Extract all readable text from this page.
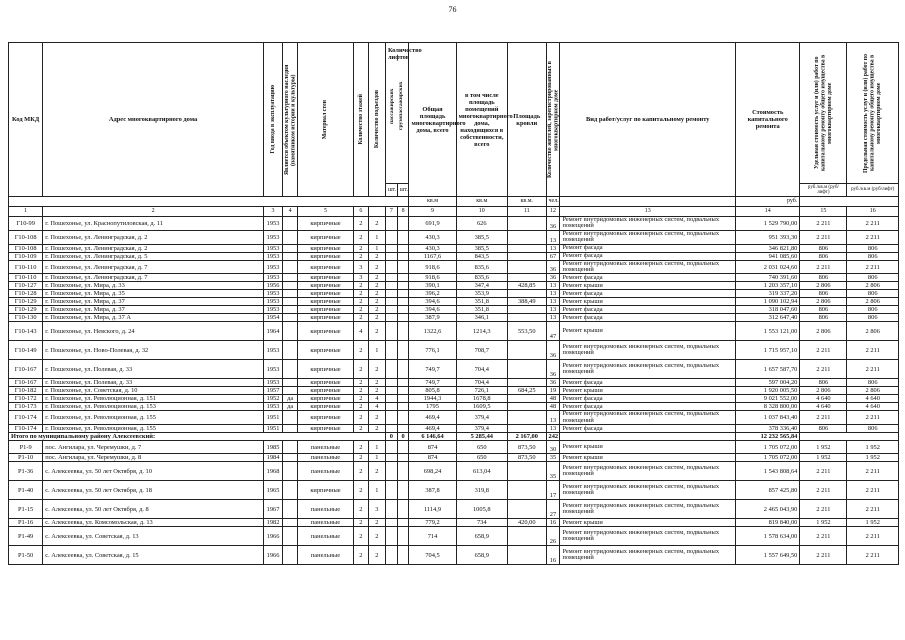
76
Код МКД	Адрес многоквартирного дома	Год ввода в эксплуатацию	Является объектом культурного наследия (памятником истории и культуры)	Материал стен	Количество этажей	Количество подъездов	Количество лифтов
пассажирских грузопассажирских		Общая площадь многоквартирного дома, всего	в том числе площадь помещений многоквартирного дома, находящихся в собственности, всего	Площадь кровли	Количество жителей, зарегистрированных в многоквартирном доме	Вид работ/услуг по капитальному ремонту	Стоимость капитального ремонта	Удельная стоимость услуг и (или) работ по капитальному ремонту общего имущества в многоквартирном доме	Предельная стоимость услуг и (или) работ по капитальному ремонту общего имущества в многоквартирном доме

							шт.	шт.							руб./кв.м (руб/лифт)	руб./кв.м (руб/лифт)
									кв.м	кв.м	кв.м.	чел.		руб.		
1	2	3	4	5	6		7	8	9	10	11	12	13	14	15	16
Г10-99	г. Пошехонье, ул. Краснопутиловская, д. 11	1953		кирпичные	2	2			691,9	626		36	Ремонт внутридомовых инженерных систем, подвальных помещений	1 529 790,00	2 211	2 211
Г10-108	г. Пошехонье, ул. Ленинградская, д. 2	1953		кирпичные	2	1			430,3	385,5		13	Ремонт внутридомовых инженерных систем, подвальных помещений	951 393,30	2 211	2 211
Г10-108	г. Пошехонье, ул. Ленинградская, д. 2	1953		кирпичные	2	1			430,3	385,5		13	Ремонт фасада	346 821,80	806	806
Г10-109	г. Пошехонье, ул. Ленинградская, д. 5	1953		кирпичные	2	2			1167,6	843,5		67	Ремонт фасада	941 085,60	806	806
Г10-110	г. Пошехонье, ул. Ленинградская, д. 7	1953		кирпичные	3	2			918,6	835,6		36	Ремонт внутридомовых инженерных систем, подвальных помещений	2 031 024,60	2 211	2 211
Г10-110	г. Пошехонье, ул. Ленинградская, д. 7	1953		кирпичные	3	2			918,6	835,6		36	Ремонт фасада	740 391,60	806	806
Г10-127	г. Пошехонье, ул. Мира, д. 33	1956		кирпичные	2	2			390,1	347,4	428,85	13	Ремонт крыши	1 203 357,10	2 806	2 806
Г10-128	г. Пошехонье, ул. Мира, д. 35	1953		кирпичные	2	2			396,2	353,9		13	Ремонт фасада	319 337,20	806	806
Г10-129	г. Пошехонье, ул. Мира, д. 37	1953		кирпичные	2	2			394,6	351,8	388,49	13	Ремонт крыши	1 090 102,94	2 806	2 806
Г10-129	г. Пошехонье, ул. Мира, д. 37	1953		кирпичные	2	2			394,6	351,8		13	Ремонт фасада	318 047,60	806	806
Г10-130	г. Пошехонье, ул. Мира, д. 37 А	1954		кирпичные	2	2			387,9	346,1		13	Ремонт фасада	312 647,40	806	806
Г10-143	г. Пошехонье, ул. Невского, д. 24	1964		кирпичные	4	2			1322,6	1214,3	553,50	47	Ремонт крыши	1 553 121,00	2 806	2 806
Г10-149	г. Пошехонье, ул. Ново-Полевая, д. 32	1953		кирпичные	2	1			776,1	708,7		36	Ремонт внутридомовых инженерных систем, подвальных помещений	1 715 957,10	2 211	2 211
Г10-167	г. Пошехонье, ул. Полевая, д. 33	1953		кирпичные	2	2			749,7	704,4		36	Ремонт внутридомовых инженерных систем, подвальных помещений	1 657 587,70	2 211	2 211
Г10-167	г. Пошехонье, ул. Полевая, д. 33	1953		кирпичные	2	2			749,7	704,4		36	Ремонт фасада	597 004,20	806	806
Г10-182	г. Пошехонье, ул. Советская, д. 10	1957		кирпичные	2	2			805,8	726,1	684,25	19	Ремонт крыши	1 920 005,50	2 806	2 806
Г10-172	г. Пошехонье, ул. Революционная, д. 151	1952	да	кирпичные	2	4			1944,3	1678,8		48	Ремонт фасада	9 021 552,00	4 640	4 640
Г10-173	г. Пошехонье, ул. Революционная, д. 153	1953	да	кирпичные	2	4			1795	1609,5		48	Ремонт фасада	8 328 800,00	4 640	4 640
Г10-174	г. Пошехонье, ул. Революционная, д. 155	1951		кирпичные	2	2			469,4	379,4		13	Ремонт внутридомовых инженерных систем, подвальных помещений	1 037 843,40	2 211	2 211
Г10-174	г. Пошехонье, ул. Революционная, д. 155	1951		кирпичные	2	2			469,4	379,4		13	Ремонт фасада	378 336,40	806	806
Итого по муниципальному району Алексеевский:							0	0	6 146,64	5 285,44	2 167,00	242		12 232 565,84		
Р1-9	пос. Ангилара, ул. Черемушки, д. 7	1985		панельные	2	1			874	650	873,50	30	Ремонт крыши	1 705 072,00	1 952	1 952
Р1-10	пос. Ангилара, ул. Черемушки, д. 8	1984		панельные	2	1			874	650	873,50	35	Ремонт крыши	1 705 072,00	1 952	1 952
Р1-36	с. Алексеевка, ул. 50 лет Октября, д. 10	1968		панельные	2	2			698,24	613,04		35	Ремонт внутридомовых инженерных систем, подвальных помещений	1 543 808,64	2 211	2 211
Р1-40	с. Алексеевка, ул. 50 лет Октября, д. 18	1965		кирпичные	2	1			387,8	319,8		17	Ремонт внутридомовых инженерных систем, подвальных помещений	857 425,80	2 211	2 211
Р1-15	с. Алексеевка, ул. 50 лет Октября, д. 8	1967		панельные	2	3			1114,9	1005,8		27	Ремонт внутридомовых инженерных систем, подвальных помещений	2 465 043,90	2 211	2 211
Р1-16	с. Алексеевка, ул. Комсомольская, д. 13	1982		панельные	2	2			779,2	734	420,00	16	Ремонт крыши	819 840,00	1 952	1 952
Р1-49	с. Алексеевка, ул. Советская, д. 13	1966		панельные	2	2			714	658,9		26	Ремонт внутридомовых инженерных систем, подвальных помещений	1 578 634,00	2 211	2 211
Р1-50	с. Алексеевка, ул. Советская, д. 15	1966		панельные	2	2			704,5	658,9		16	Ремонт внутридомовых инженерных систем, подвальных помещений	1 557 649,50	2 211	2 211
